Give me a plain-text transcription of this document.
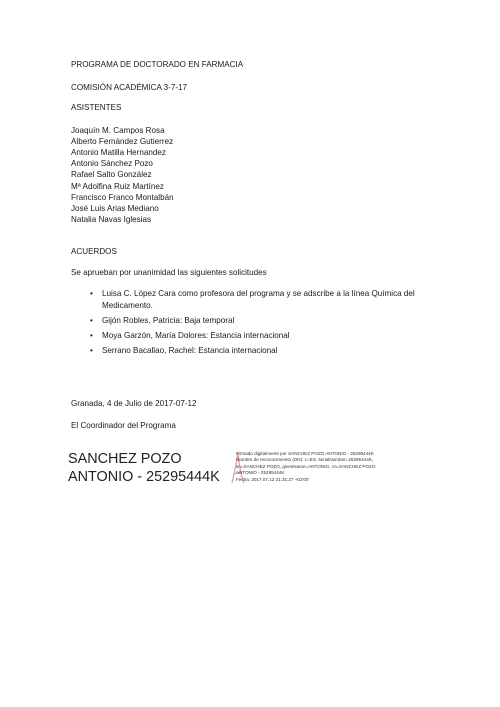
PROGRAMA DE DOCTORADO EN FARMACIA
COMISIÓN ACADÉMICA 3-7-17
ASISTENTES
Joaquín M. Campos Rosa
Alberto Fernández Gutierrez
Antonio Matilla Hernandez
Antonio Sánchez Pozo
Rafael Salto González
Mª Adolfina Ruiz Martínez
Francisco Franco Montalbán
José Luis Arias Mediano
Natalia Navas Iglesias
ACUERDOS
Se aprueban por unanimidad las siguientes solicitudes
• Luisa C. López Cara como profesora del programa y se adscribe a la línea Química del
Medicamento.
• Gijón Robles, Patricia: Baja temporal
• Moya Garzón, María Dolores: Estancia internacional
• Serrano Bacallao, Rachel: Estancia internacional
Granada, 4 de Julio de 2017-07-12
El Coordinador del Programa
SANCHEZ POZO ANTONIO - 25295444K
Firmado digitalmente por SANCHEZ POZO ANTONIO - 25295444K
Nombre de reconocimiento (DN): c=ES, serialNumber=25295444K,
sn=SANCHEZ POZO, givenName=ANTONIO, cn=SANCHEZ POZO
ANTONIO - 25295444K
Fecha: 2017.07.12 21:31:27 +02'00'
